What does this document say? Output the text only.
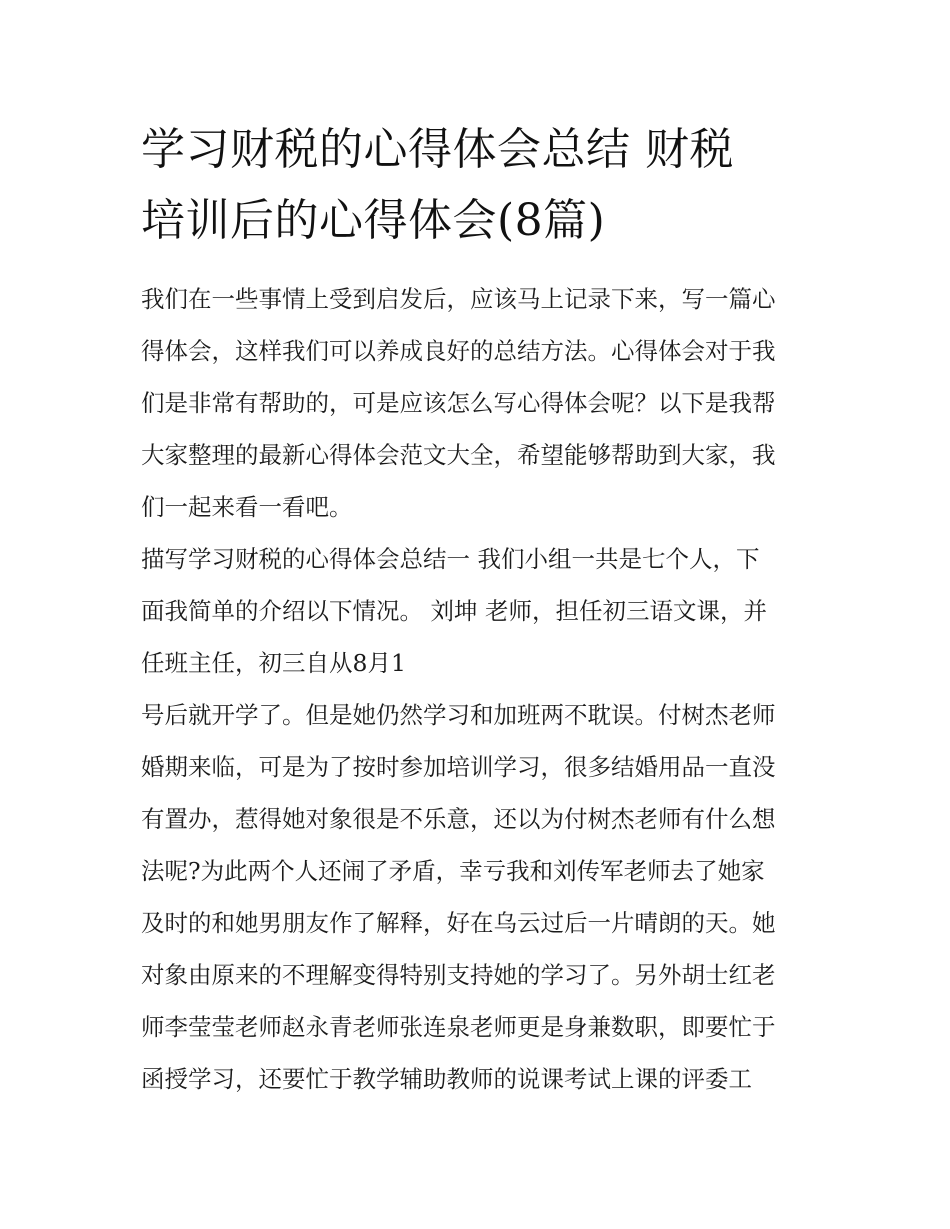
学习财税的心得体会总结 财税
培训后的心得体会(8篇)
我们在一些事情上受到启发后，应该马上记录下来，写一篇心
得体会，这样我们可以养成良好的总结方法。心得体会对于我
们是非常有帮助的，可是应该怎么写心得体会呢？以下是我帮
大家整理的最新心得体会范文大全，希望能够帮助到大家，我
们一起来看一看吧。
描写学习财税的心得体会总结一 我们小组一共是七个人，下
面我简单的介绍以下情况。 刘坤 老师，担任初三语文课，并
任班主任，初三自从8月1
号后就开学了。但是她仍然学习和加班两不耽误。付树杰老师
婚期来临，可是为了按时参加培训学习，很多结婚用品一直没
有置办，惹得她对象很是不乐意，还以为付树杰老师有什么想
法呢?为此两个人还闹了矛盾，幸亏我和刘传军老师去了她家
及时的和她男朋友作了解释，好在乌云过后一片晴朗的天。她
对象由原来的不理解变得特别支持她的学习了。另外胡士红老
师李莹莹老师赵永青老师张连泉老师更是身兼数职，即要忙于
函授学习，还要忙于教学辅助教师的说课考试上课的评委工
